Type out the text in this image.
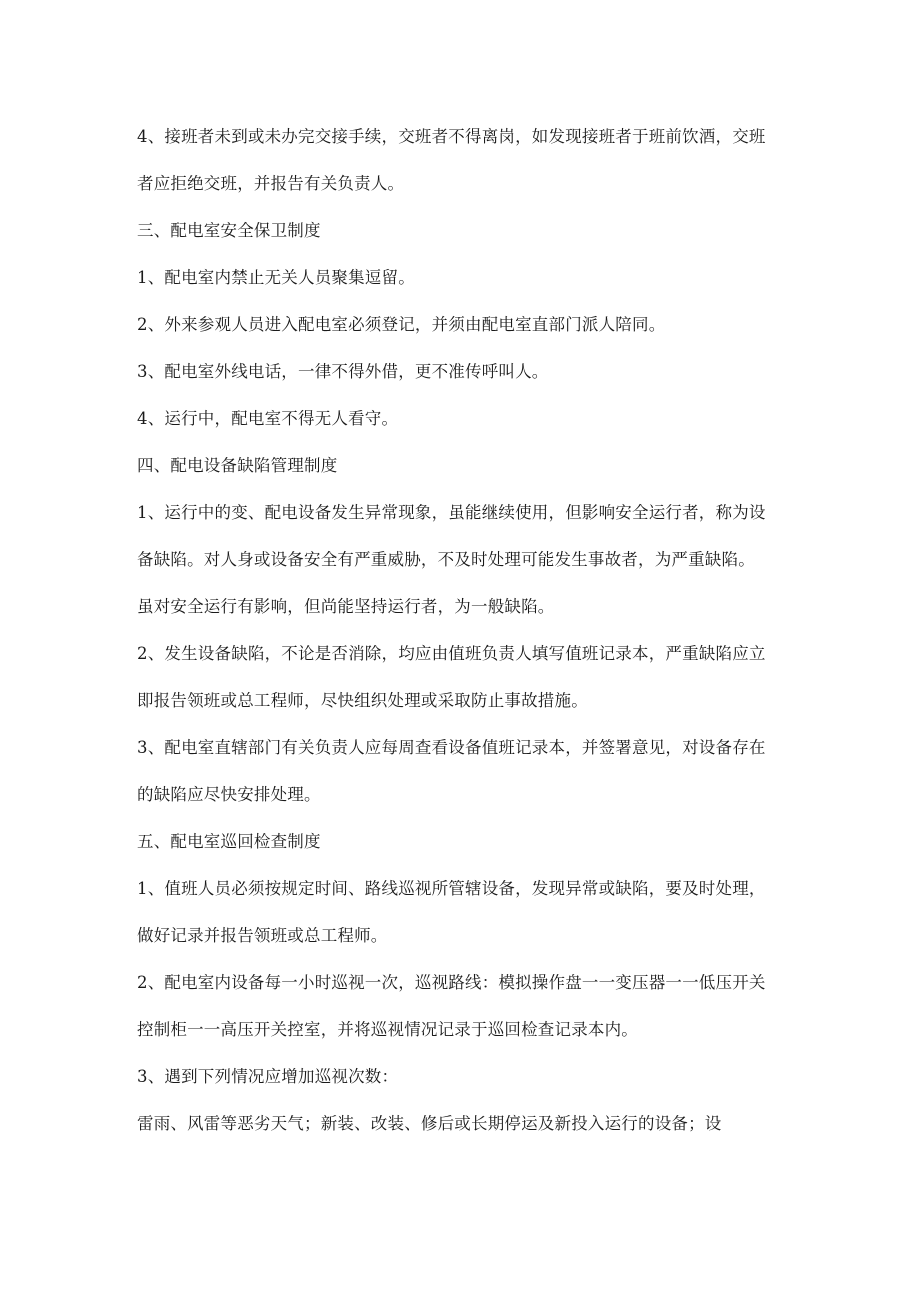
4、接班者未到或未办完交接手续，交班者不得离岗，如发现接班者于班前饮酒，交班
者应拒绝交班，并报告有关负责人。
三、配电室安全保卫制度
1、配电室内禁止无关人员聚集逗留。
2、外来参观人员进入配电室必须登记，并须由配电室直部门派人陪同。
3、配电室外线电话，一律不得外借，更不准传呼叫人。
4、运行中，配电室不得无人看守。
四、配电设备缺陷管理制度
1、运行中的变、配电设备发生异常现象，虽能继续使用，但影响安全运行者，称为设
备缺陷。对人身或设备安全有严重威胁，不及时处理可能发生事故者，为严重缺陷。
虽对安全运行有影响，但尚能坚持运行者，为一般缺陷。
2、发生设备缺陷，不论是否消除，均应由值班负责人填写值班记录本，严重缺陷应立
即报告领班或总工程师，尽快组织处理或采取防止事故措施。
3、配电室直辖部门有关负责人应每周查看设备值班记录本，并签署意见，对设备存在
的缺陷应尽快安排处理。
五、配电室巡回检查制度
1、值班人员必须按规定时间、路线巡视所管辖设备，发现异常或缺陷，要及时处理，
做好记录并报告领班或总工程师。
2、配电室内设备每一小时巡视一次，巡视路线：模拟操作盘一一变压器一一低压开关
控制柜一一高压开关控室，并将巡视情况记录于巡回检查记录本内。
3、遇到下列情况应增加巡视次数：
雷雨、风雷等恶劣天气；新装、改装、修后或长期停运及新投入运行的设备；设
